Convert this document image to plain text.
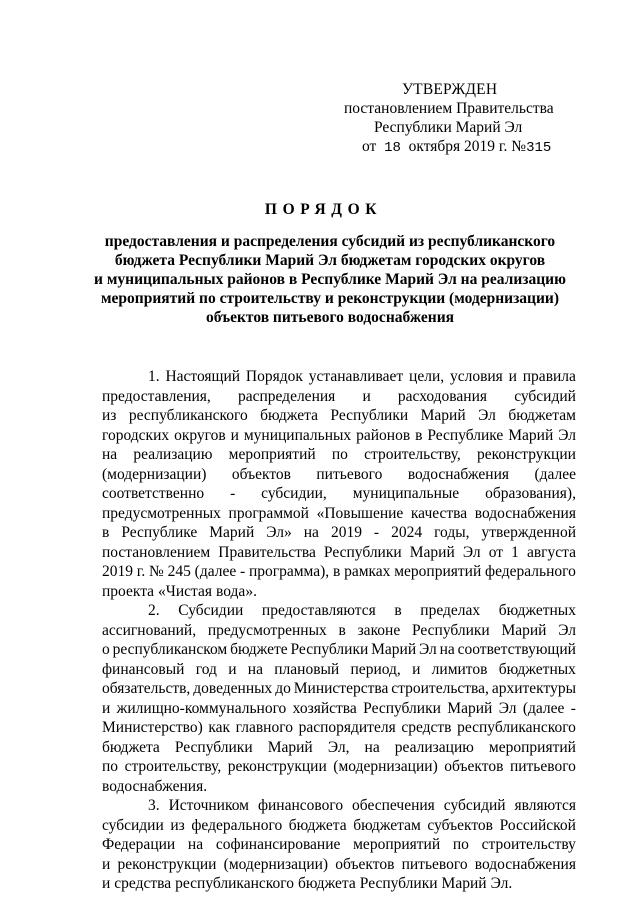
УТВЕРЖДЕН
постановлением Правительства
Республики Марий Эл
от 18 октября 2019 г. №315
ПОРЯДОК
предоставления и распределения субсидий из республиканского
бюджета Республики Марий Эл бюджетам городских округов
и муниципальных районов в Республике Марий Эл на реализацию
мероприятий по строительству и реконструкции (модернизации)
объектов питьевого водоснабжения
1. Настоящий Порядок устанавливает цели, условия и правила
предоставления, распределения и расходования субсидий
из республиканского бюджета Республики Марий Эл бюджетам
городских округов и муниципальных районов в Республике Марий Эл
на реализацию мероприятий по строительству, реконструкции
(модернизации) объектов питьевого водоснабжения (далее
соответственно - субсидии, муниципальные образования),
предусмотренных программой «Повышение качества водоснабжения
в Республике Марий Эл» на 2019 - 2024 годы, утвержденной
постановлением Правительства Республики Марий Эл от 1 августа
2019 г. № 245 (далее - программа), в рамках мероприятий федерального
проекта «Чистая вода».
2. Субсидии предоставляются в пределах бюджетных
ассигнований, предусмотренных в законе Республики Марий Эл
о республиканском бюджете Республики Марий Эл на соответствующий
финансовый год и на плановый период, и лимитов бюджетных
обязательств, доведенных до Министерства строительства, архитектуры
и жилищно-коммунального хозяйства Республики Марий Эл (далее -
Министерство) как главного распорядителя средств республиканского
бюджета Республики Марий Эл, на реализацию мероприятий
по строительству, реконструкции (модернизации) объектов питьевого
водоснабжения.
3. Источником финансового обеспечения субсидий являются
субсидии из федерального бюджета бюджетам субъектов Российской
Федерации на софинансирование мероприятий по строительству
и реконструкции (модернизации) объектов питьевого водоснабжения
и средства республиканского бюджета Республики Марий Эл.
